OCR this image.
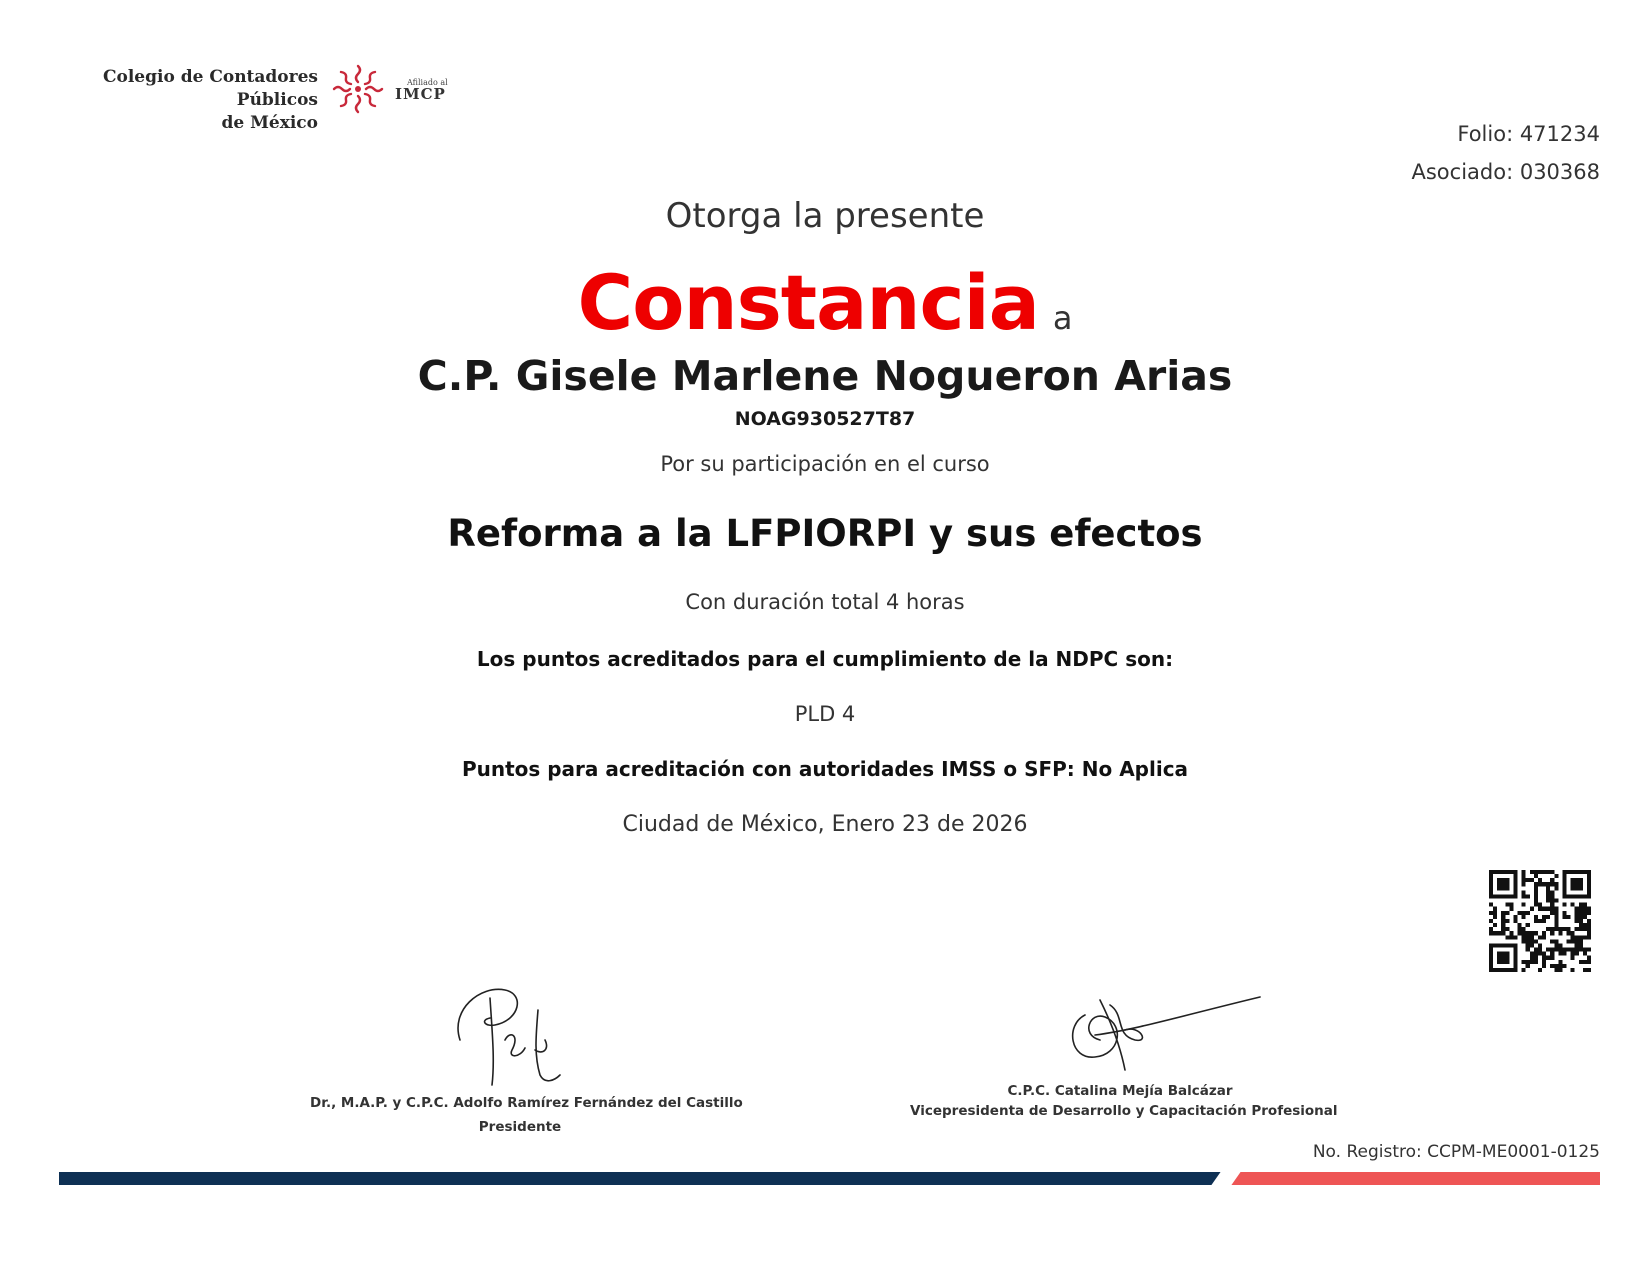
Colegio de Contadores Públicos
de México
Afiliado al
IMCP
Folio: 471234
Asociado: 030368
Otorga la presente
Constancia a
C.P. Gisele Marlene Nogueron Arias
NOAG930527T87
Por su participación en el curso
Reforma a la LFPIORPI y sus efectos
Con duración total 4 horas
Los puntos acreditados para el cumplimiento de la NDPC son:
PLD 4
Puntos para acreditación con autoridades IMSS o SFP: No Aplica
Ciudad de México, Enero 23 de 2026
Dr., M.A.P. y C.P.C. Adolfo Ramírez Fernández del Castillo
Presidente
C.P.C. Catalina Mejía Balcázar
Vicepresidenta de Desarrollo y Capacitación Profesional
No. Registro: CCPM-ME0001-0125
